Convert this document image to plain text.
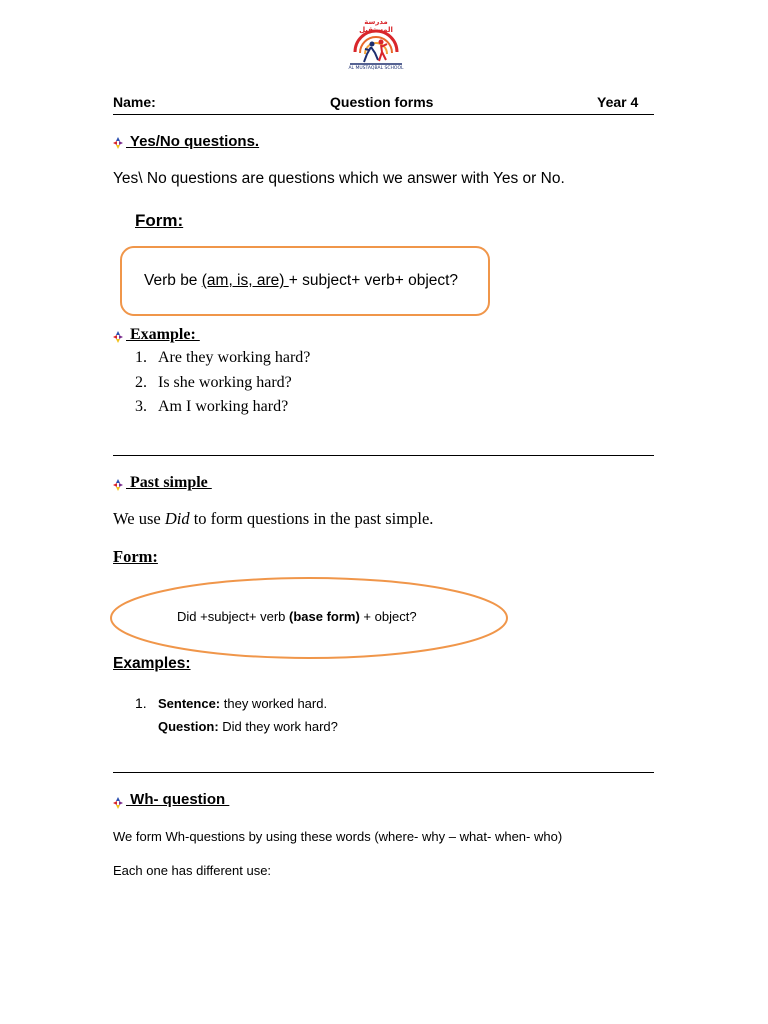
مدرسة المستقبل
AL MUSTAQBAL SCHOOL
Name:	Question forms	Year 4
Yes/No questions.
Yes\ No questions are questions which we answer with Yes or No.
Form:
Verb be (am, is, are) + subject+ verb+ object?
Example:
1. Are they working hard?
2. Is she working hard?
3. Am I working hard?
Past simple
We use Did to form questions in the past simple.
Form:
Did +subject+ verb (base form) + object?
Examples:
1. Sentence: they worked hard.
Question: Did they work hard?
Wh- question
We form Wh-questions by using these words (where- why – what- when- who)
Each one has different use:
